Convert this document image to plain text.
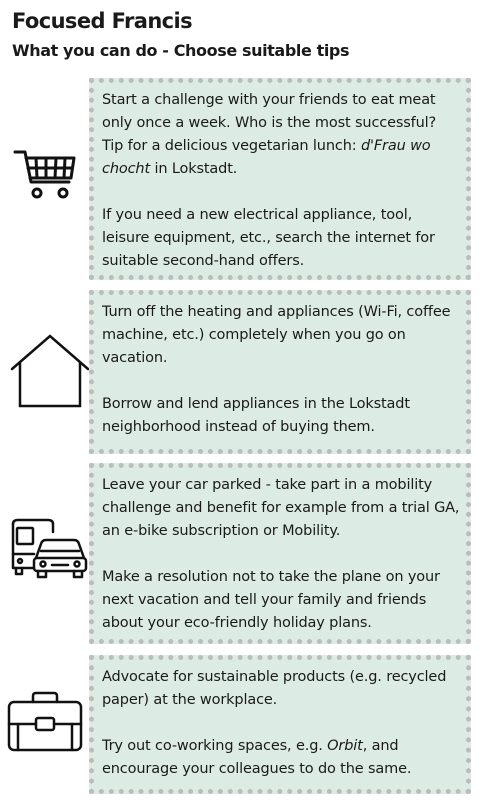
Focused Francis
What you can do - Choose suitable tips

Start a challenge with your friends to eat meat only once a week. Who is the most successful? Tip for a delicious vegetarian lunch: d'Frau wo chocht in Lokstadt.

If you need a new electrical appliance, tool, leisure equipment, etc., search the internet for suitable second-hand offers.

Turn off the heating and appliances (Wi-Fi, coffee machine, etc.) completely when you go on vacation.

Borrow and lend appliances in the Lokstadt neighborhood instead of buying them.

Leave your car parked - take part in a mobility challenge and benefit for example from a trial GA, an e-bike subscription or Mobility.

Make a resolution not to take the plane on your next vacation and tell your family and friends about your eco-friendly holiday plans.

Advocate for sustainable products (e.g. recycled paper) at the workplace.

Try out co-working spaces, e.g. Orbit, and encourage your colleagues to do the same.
